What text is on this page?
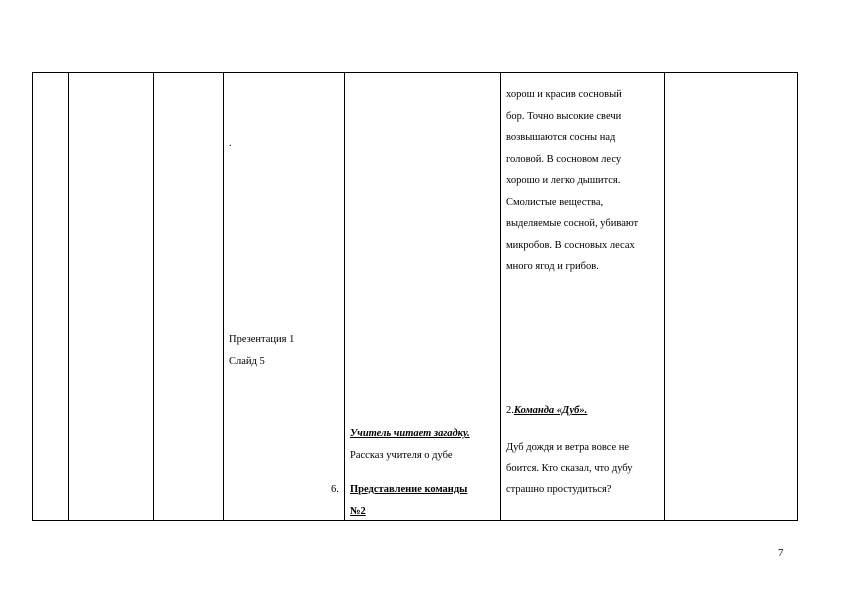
.
Презентация 1
Слайд 5
6.
Учитель читает загадку.
Рассказ учителя о дубе
Представление команды
№2
хорош и красив сосновый
бор. Точно высокие свечи
возвышаются сосны над
головой. В сосновом лесу
хорошо и легко дышится.
Смолистые вещества,
выделяемые сосной, убивают
микробов. В сосновых лесах
много ягод и грибов.
2.Команда «Дуб».
Дуб дождя и ветра вовсе не
боится. Кто сказал, что дубу
страшно простудиться?
7
